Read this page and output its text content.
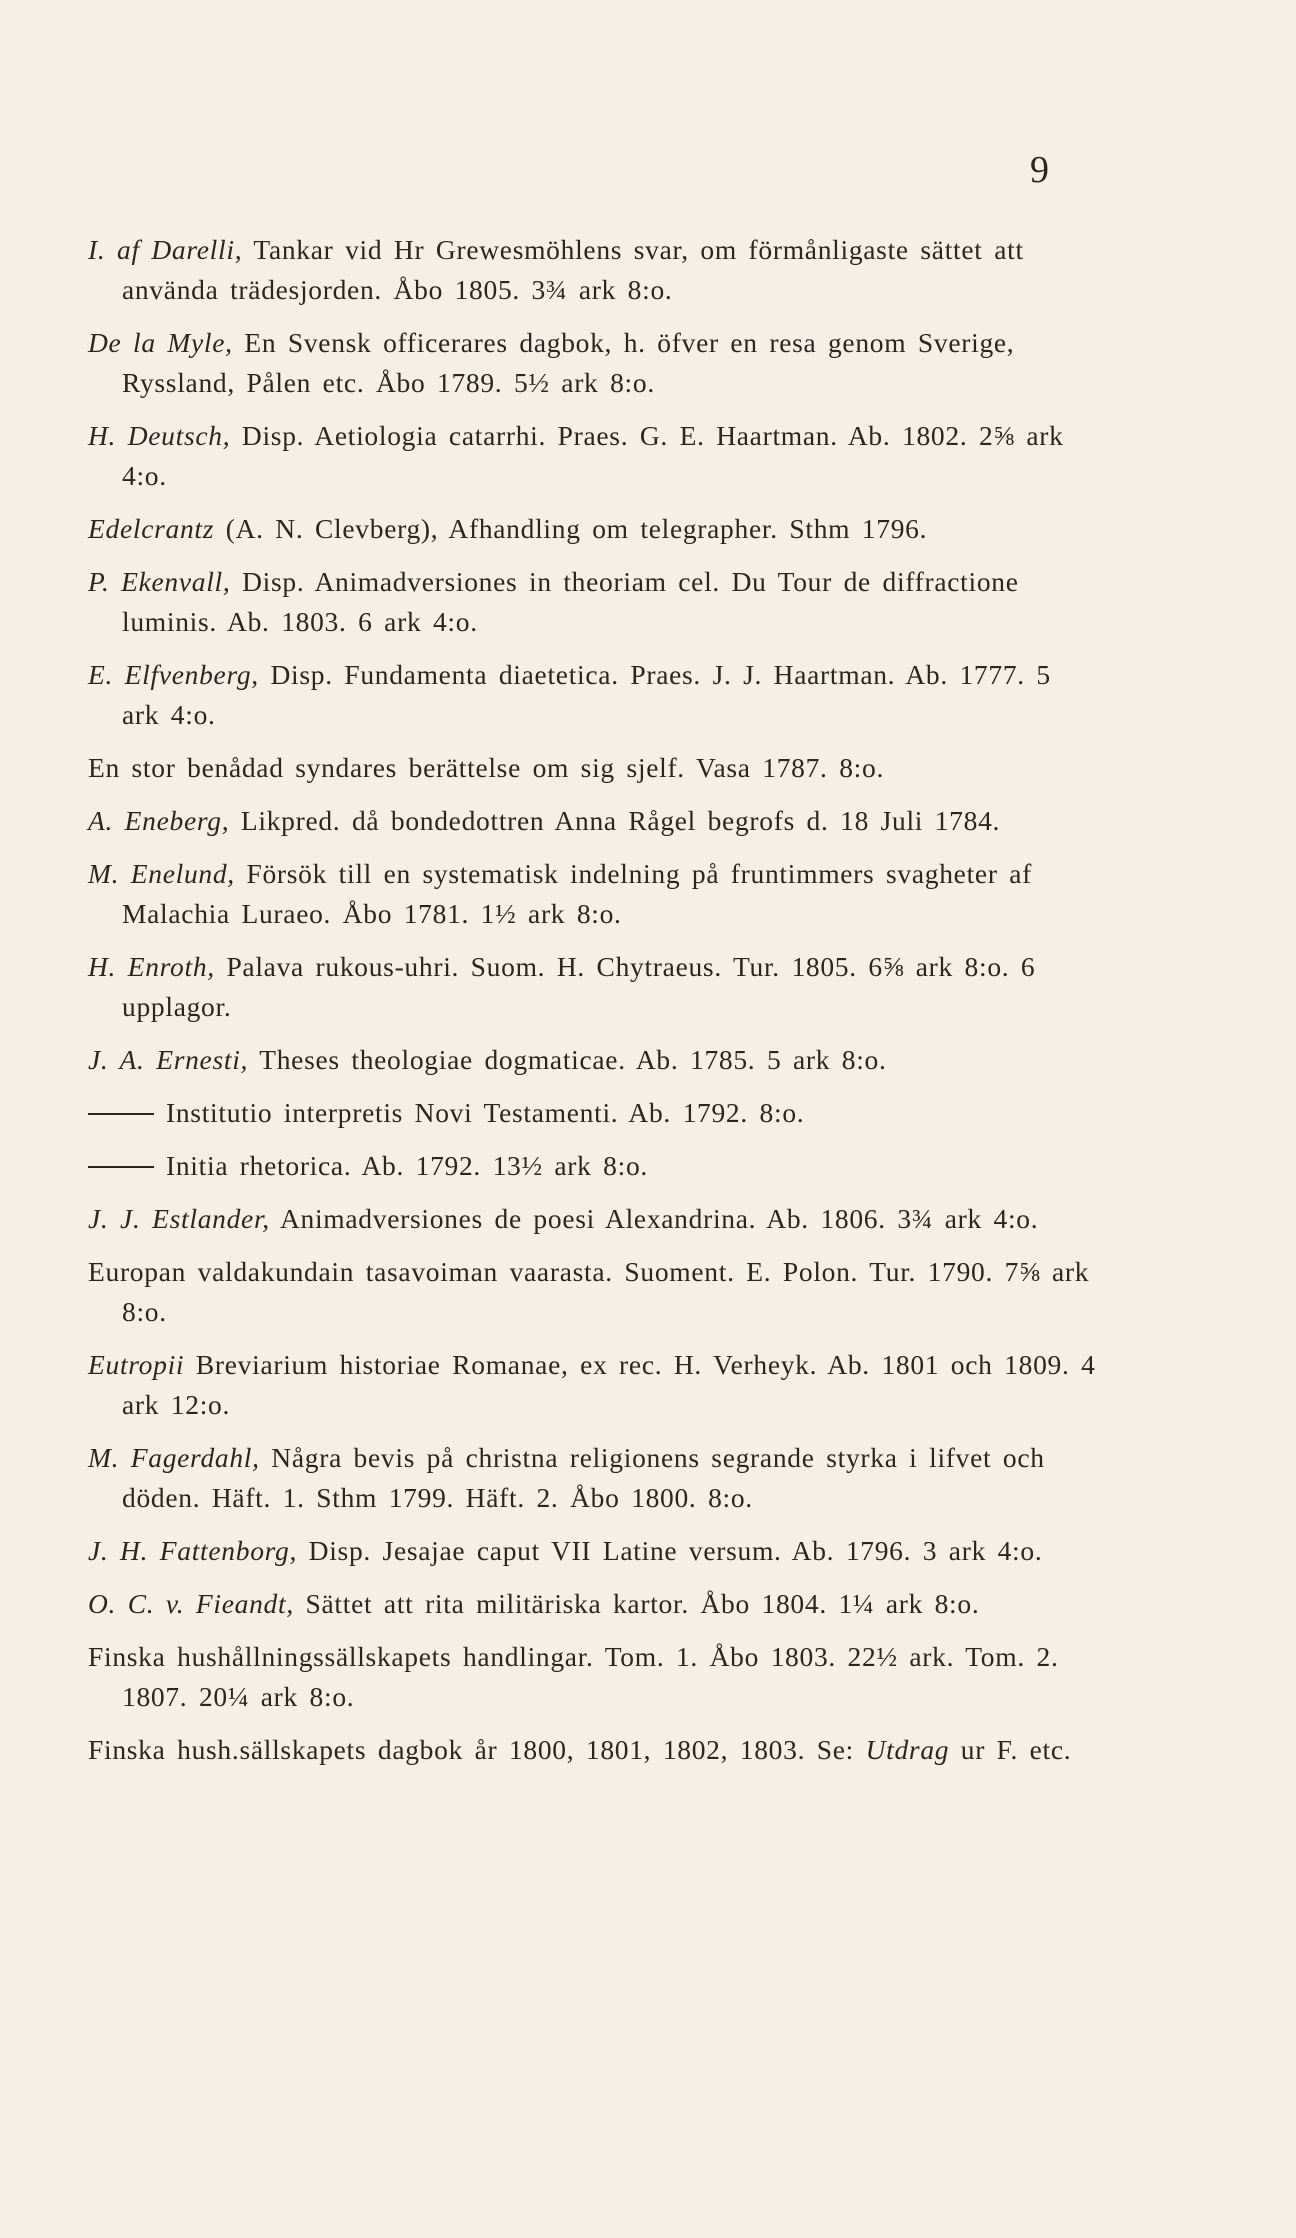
9

I. af Darelli, Tankar vid Hr Grewesmöhlens svar, om förmånligaste sättet att använda trädesjorden. Åbo 1805. 3¾ ark 8:o.

De la Myle, En Svensk officerares dagbok, h. öfver en resa genom Sverige, Ryssland, Pålen etc. Åbo 1789. 5½ ark 8:o.

H. Deutsch, Disp. Aetiologia catarrhi. Praes. G. E. Haartman. Ab. 1802. 2⅝ ark 4:o.

Edelcrantz (A. N. Clevberg), Afhandling om telegrapher. Sthm 1796.

P. Ekenvall, Disp. Animadversiones in theoriam cel. Du Tour de diffractione luminis. Ab. 1803. 6 ark 4:o.

E. Elfvenberg, Disp. Fundamenta diaetetica. Praes. J. J. Haartman. Ab. 1777. 5 ark 4:o.

En stor benådad syndares berättelse om sig sjelf. Vasa 1787. 8:o.

A. Eneberg, Likpred. då bondedottren Anna Rågel begrofs d. 18 Juli 1784.

M. Enelund, Försök till en systematisk indelning på fruntimmers svagheter af Malachia Luraeo. Åbo 1781. 1½ ark 8:o.

H. Enroth, Palava rukous-uhri. Suom. H. Chytraeus. Tur. 1805. 6⅝ ark 8:o. 6 upplagor.

J. A. Ernesti, Theses theologiae dogmaticae. Ab. 1785. 5 ark 8:o.

Institutio interpretis Novi Testamenti. Ab. 1792. 8:o.

Initia rhetorica. Ab. 1792. 13½ ark 8:o.

J. J. Estlander, Animadversiones de poesi Alexandrina. Ab. 1806. 3¾ ark 4:o.

Europan valdakundain tasavoiman vaarasta. Suoment. E. Polon. Tur. 1790. 7⅝ ark 8:o.

Eutropii Breviarium historiae Romanae, ex rec. H. Verheyk. Ab. 1801 och 1809. 4 ark 12:o.

M. Fagerdahl, Några bevis på christna religionens segrande styrka i lifvet och döden. Häft. 1. Sthm 1799. Häft. 2. Åbo 1800. 8:o.

J. H. Fattenborg, Disp. Jesajae caput VII Latine versum. Ab. 1796. 3 ark 4:o.

O. C. v. Fieandt, Sättet att rita militäriska kartor. Åbo 1804. 1¼ ark 8:o.

Finska hushållningssällskapets handlingar. Tom. 1. Åbo 1803. 22½ ark. Tom. 2. 1807. 20¼ ark 8:o.

Finska hush.sällskapets dagbok år 1800, 1801, 1802, 1803. Se: Utdrag ur F. etc.
